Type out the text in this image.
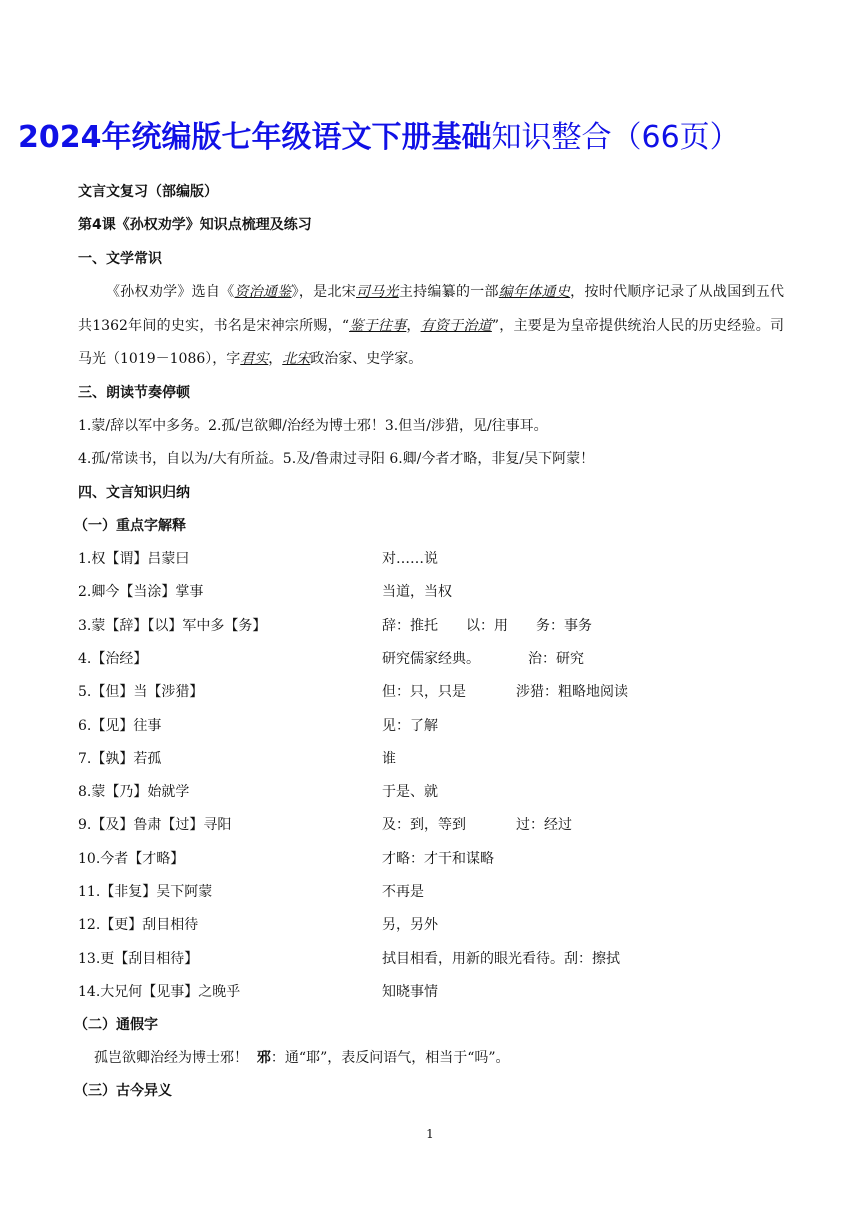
2024年统编版七年级语文下册基础知识整合（66页）
文言文复习（部编版）
第4课《孙权劝学》知识点梳理及练习
一、文学常识
《孙权劝学》选自《资治通鉴》，是北宋司马光主持编纂的一部编年体通史，按时代顺序记录了从战国到五代共1362年间的史实，书名是宋神宗所赐，“鉴于往事，有资于治道”，主要是为皇帝提供统治人民的历史经验。司马光（1019－1086），字君实，北宋政治家、史学家。
三、朗读节奏停顿
1.蒙/辞以军中多务。2.孤/岂欲卿/治经为博士邪！3.但当/涉猎，见/往事耳。
4.孤/常读书，自以为/大有所益。5.及/鲁肃过寻阳 6.卿/今者才略，非复/吴下阿蒙！
四、文言知识归纳
（一）重点字解释
1.权【谓】吕蒙曰	对……说
2.卿今【当涂】掌事	当道，当权
3.蒙【辞】【以】军中多【务】	辞：推托 以：用 务：事务
4.【治经】	研究儒家经典。	治：研究
5.【但】当【涉猎】	但：只，只是	涉猎：粗略地阅读
6.【见】往事	见：了解
7.【孰】若孤	谁
8.蒙【乃】始就学	于是、就
9.【及】鲁肃【过】寻阳	及：到，等到	过：经过
10.今者【才略】	才略：才干和谋略
11.【非复】吴下阿蒙	不再是
12.【更】刮目相待	另，另外
13.更【刮目相待】	拭目相看，用新的眼光看待。刮：擦拭
14.大兄何【见事】之晚乎	知晓事情
（二）通假字
孤岂欲卿治经为博士邪！ 邪：通“耶”，表反问语气，相当于“吗”。
（三）古今异义
1
